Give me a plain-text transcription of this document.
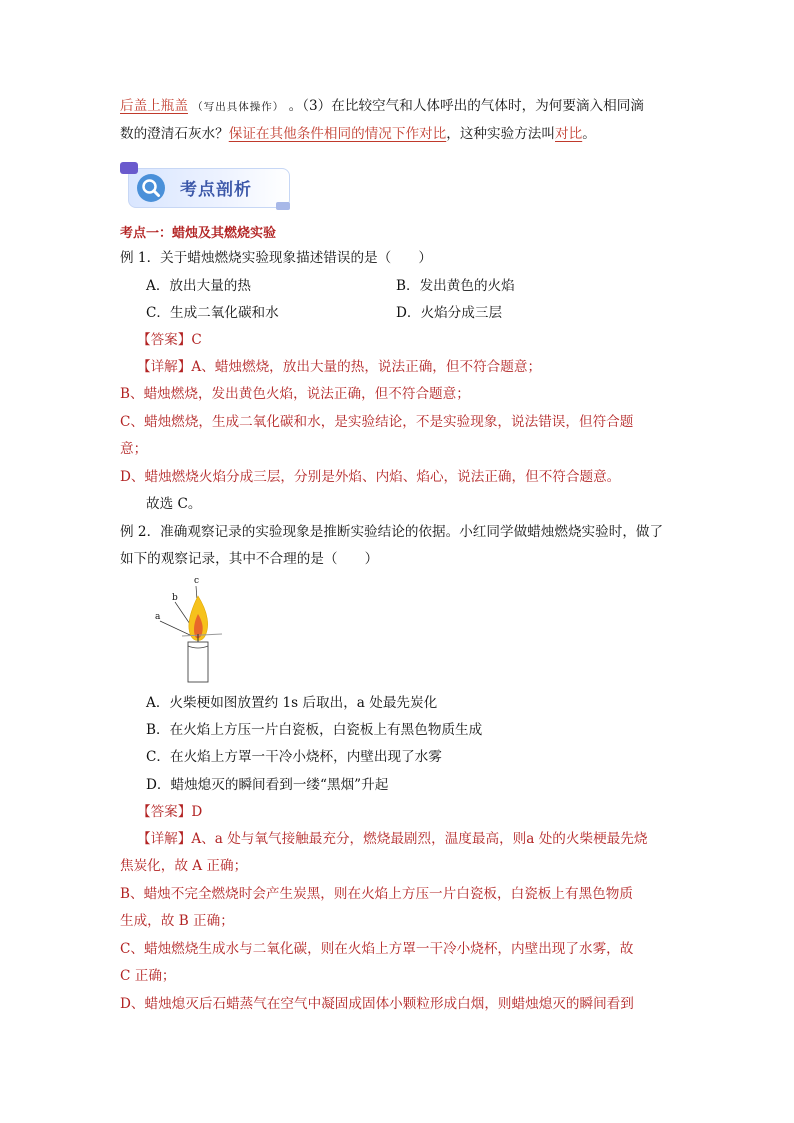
后盖上瓶盖 （写出具体操作） 。（3）在比较空气和人体呼出的气体时，为何要滴入相同滴
数的澄清石灰水？保证在其他条件相同的情况下作对比，这种实验方法叫对比。
考点剖析
考点一：蜡烛及其燃烧实验
例 1．关于蜡烛燃烧实验现象描述错误的是（　　）
A．放出大量的热	B．发出黄色的火焰
C．生成二氧化碳和水	D．火焰分成三层
【答案】C
【详解】A、蜡烛燃烧，放出大量的热，说法正确，但不符合题意；
B、蜡烛燃烧，发出黄色火焰，说法正确，但不符合题意；
C、蜡烛燃烧，生成二氧化碳和水，是实验结论，不是实验现象，说法错误，但符合题
意；
D、蜡烛燃烧火焰分成三层，分别是外焰、内焰、焰心，说法正确，但不符合题意。
故选 C。
例 2．准确观察记录的实验现象是推断实验结论的依据。小红同学做蜡烛燃烧实验时，做了
如下的观察记录，其中不合理的是（　　）
c
b
a
A．火柴梗如图放置约 1s 后取出，a 处最先炭化
B．在火焰上方压一片白瓷板，白瓷板上有黑色物质生成
C．在火焰上方罩一干冷小烧杯，内壁出现了水雾
D．蜡烛熄灭的瞬间看到一缕“黑烟”升起
【答案】D
【详解】A、a 处与氧气接触最充分，燃烧最剧烈，温度最高，则a 处的火柴梗最先烧
焦炭化，故 A 正确；
B、蜡烛不完全燃烧时会产生炭黑，则在火焰上方压一片白瓷板，白瓷板上有黑色物质
生成，故 B 正确；
C、蜡烛燃烧生成水与二氧化碳，则在火焰上方罩一干冷小烧杯，内壁出现了水雾，故
C 正确；
D、蜡烛熄灭后石蜡蒸气在空气中凝固成固体小颗粒形成白烟，则蜡烛熄灭的瞬间看到
